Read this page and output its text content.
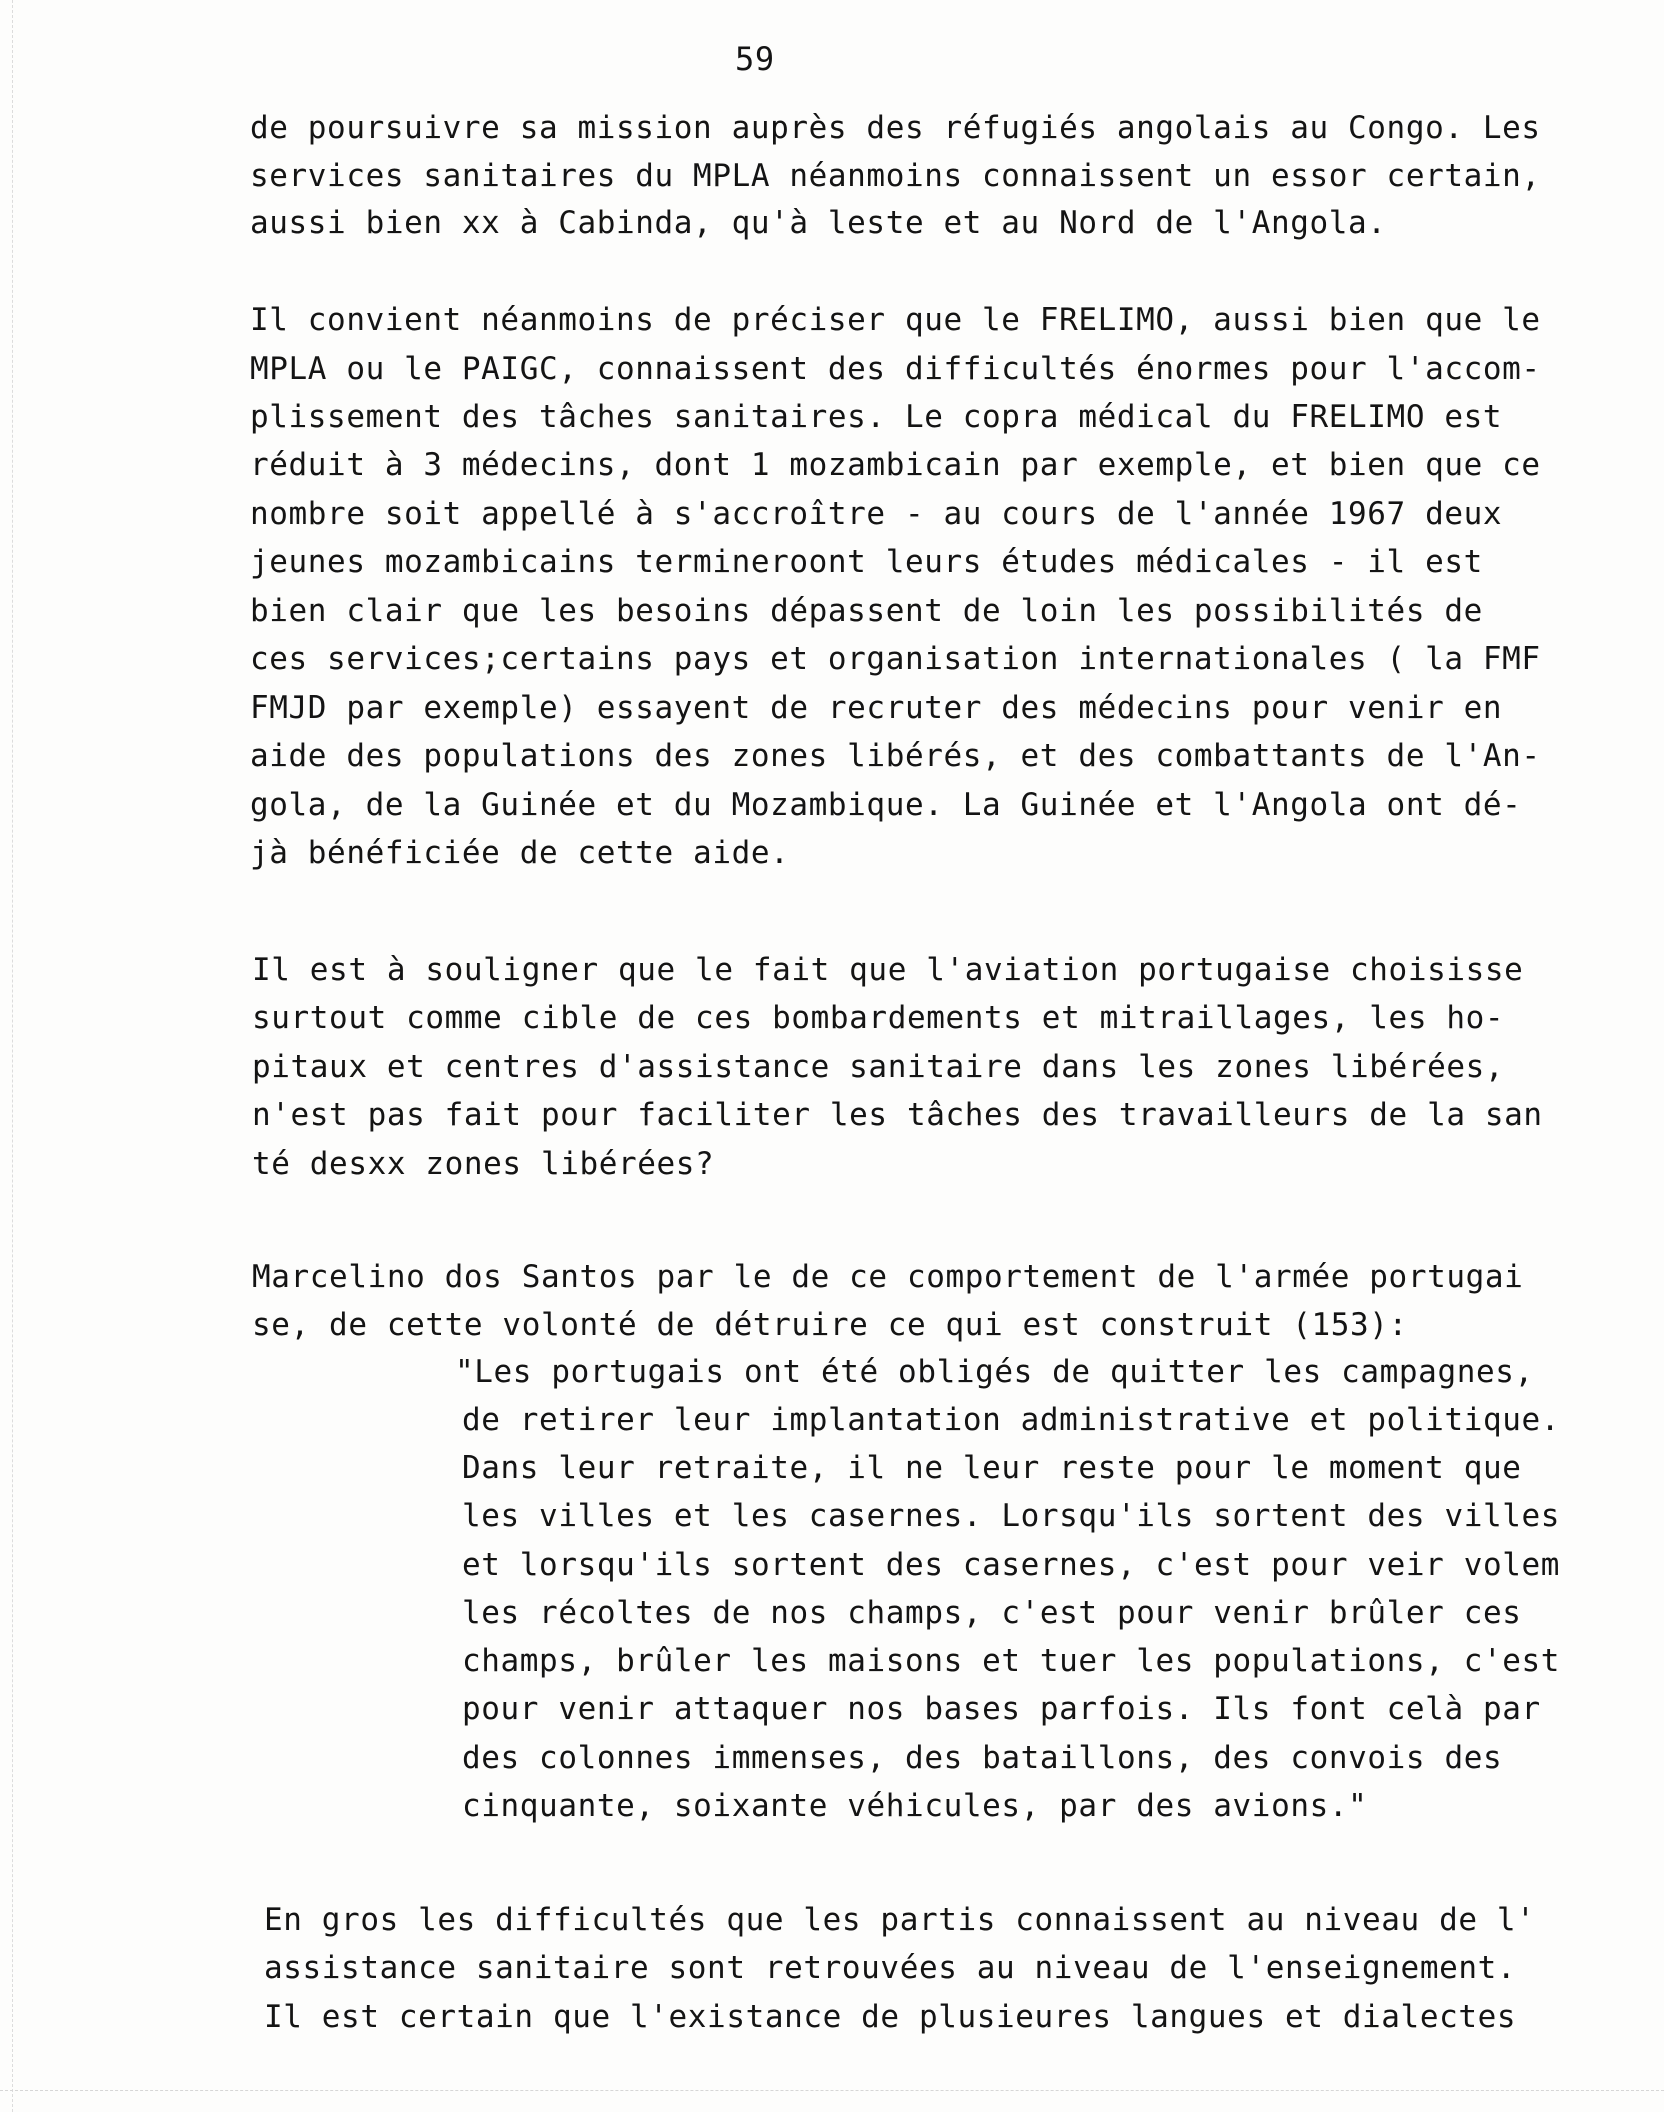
59
de poursuivre sa mission auprès des réfugiés angolais au Congo. Les
services sanitaires du MPLA néanmoins connaissent un essor certain,
aussi bien xx à Cabinda, qu'à leste et au Nord de l'Angola.
Il convient néanmoins de préciser que le FRELIMO, aussi bien que le
MPLA ou le PAIGC, connaissent des difficultés énormes pour l'accom-
plissement des tâches sanitaires. Le copra médical du FRELIMO est
réduit à 3 médecins, dont 1 mozambicain par exemple, et bien que ce
nombre soit appellé à s'accroître - au cours de l'année 1967 deux
jeunes mozambicains termineroont leurs études médicales - il est
bien clair que les besoins dépassent de loin les possibilités de
ces services;certains pays et organisation internationales ( la FMF
FMJD par exemple) essayent de recruter des médecins pour venir en
aide des populations des zones libérés, et des combattants de l'An-
gola, de la Guinée et du Mozambique. La Guinée et l'Angola ont dé-
jà bénéficiée de cette aide.
Il est à souligner que le fait que l'aviation portugaise choisisse
surtout comme cible de ces bombardements et mitraillages, les ho-
pitaux et centres d'assistance sanitaire dans les zones libérées,
n'est pas fait pour faciliter les tâches des travailleurs de la san
té desxx zones libérées?
Marcelino dos Santos par le de ce comportement de l'armée portugai
se, de cette volonté de détruire ce qui est construit (153):
"Les portugais ont été obligés de quitter les campagnes,
de retirer leur implantation administrative et politique.
Dans leur retraite, il ne leur reste pour le moment que
les villes et les casernes. Lorsqu'ils sortent des villes
et lorsqu'ils sortent des casernes, c'est pour veir volem
les récoltes de nos champs, c'est pour venir brûler ces
champs, brûler les maisons et tuer les populations, c'est
pour venir attaquer nos bases parfois. Ils font celà par
des colonnes immenses, des bataillons, des convois des
cinquante, soixante véhicules, par des avions."
En gros les difficultés que les partis connaissent au niveau de l'
assistance sanitaire sont retrouvées au niveau de l'enseignement.
Il est certain que l'existance de plusieures langues et dialectes
